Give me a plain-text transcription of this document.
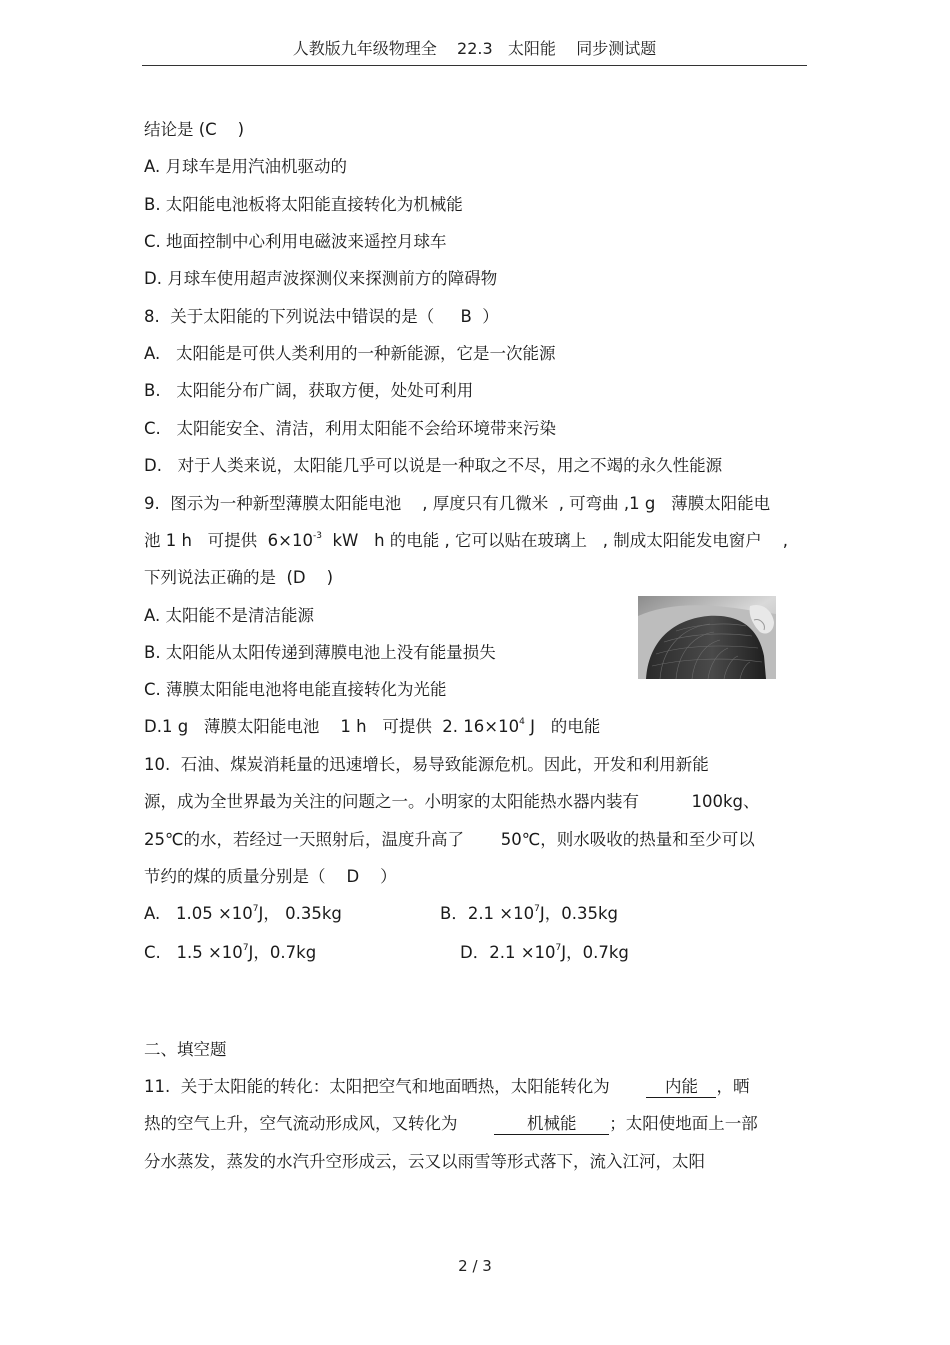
人教版九年级物理全    22.3   太阳能    同步测试题
结论是 (C    )
A. 月球车是用汽油机驱动的
B. 太阳能电池板将太阳能直接转化为机械能
C. 地面控制中心利用电磁波来遥控月球车
D. 月球车使用超声波探测仪来探测前方的障碍物
8.  关于太阳能的下列说法中错误的是（     B  ）
A.   太阳能是可供人类利用的一种新能源，它是一次能源
B.   太阳能分布广阔，获取方便，处处可利用
C.   太阳能安全、清洁，利用太阳能不会给环境带来污染
D.   对于人类来说，太阳能几乎可以说是一种取之不尽，用之不竭的永久性能源
9.  图示为一种新型薄膜太阳能电池    , 厚度只有几微米  , 可弯曲 ,1 g   薄膜太阳能电
池 1 h   可提供  $6\times 10^{-3}$  kW   h 的电能 , 它可以贴在玻璃上   , 制成太阳能发电窗户    ,
下列说法正确的是  (D    )
A. 太阳能不是清洁能源
B. 太阳能从太阳传递到薄膜电池上没有能量损失
C. 薄膜太阳能电池将电能直接转化为光能
D.1 g   薄膜太阳能电池    1 h   可提供  2. $16\times 10^4$ J   的电能
10.  石油、煤炭消耗量的迅速增长，易导致能源危机。因此，开发和利用新能
源，成为全世界最为关注的问题之一。小明家的太阳能热水器内装有          100kg、
25℃的水，若经过一天照射后，温度升高了       50℃，则水吸收的热量和至少可以
节约的煤的质量分别是（    D    ）
A.   $1.05 \times 10^7J$， 0.35kg	B．$2.1 \times 10^7J$，0.35kg
C.   $1.5 \times 10^7J$，0.7kg	D．$2.1 \times 10^7J$，0.7kg
二、填空题
11.  关于太阳能的转化：太阳把空气和地面晒热，太阳能转化为       内能 ，晒
热的空气上升，空气流动形成风，又转化为       机械能 ；太阳使地面上一部
分水蒸发，蒸发的水汽升空形成云，云又以雨雪等形式落下，流入江河，太阳
2 / 3
